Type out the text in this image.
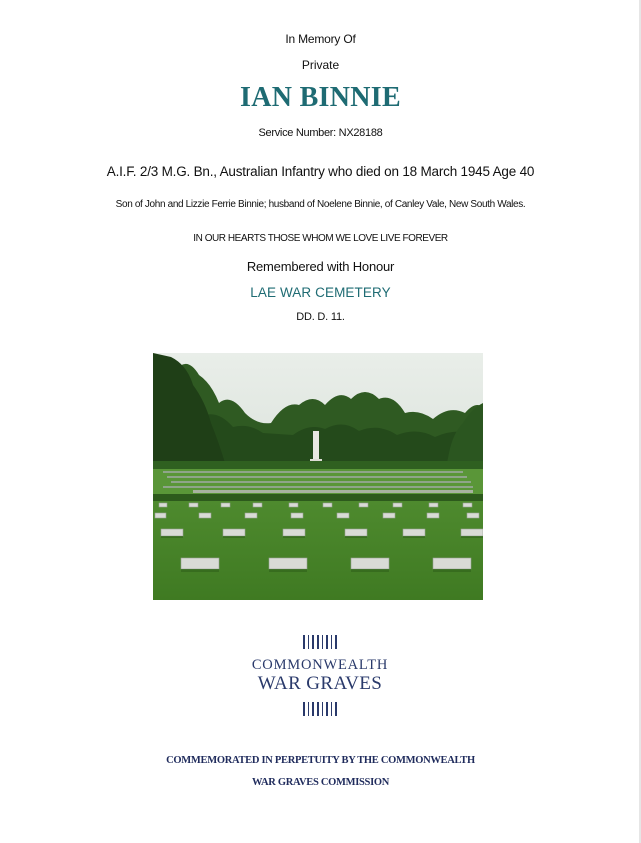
In Memory Of
Private
IAN BINNIE
Service Number: NX28188
A.I.F. 2/3 M.G. Bn., Australian Infantry who died on 18 March 1945 Age 40
Son of John and Lizzie Ferrie Binnie; husband of Noelene Binnie, of Canley Vale, New South Wales.
IN OUR HEARTS THOSE WHOM WE LOVE LIVE FOREVER
Remembered with Honour
LAE WAR CEMETERY
DD. D. 11.
COMMONWEALTH
WAR GRAVES
COMMEMORATED IN PERPETUITY BY THE COMMONWEALTH
WAR GRAVES COMMISSION
